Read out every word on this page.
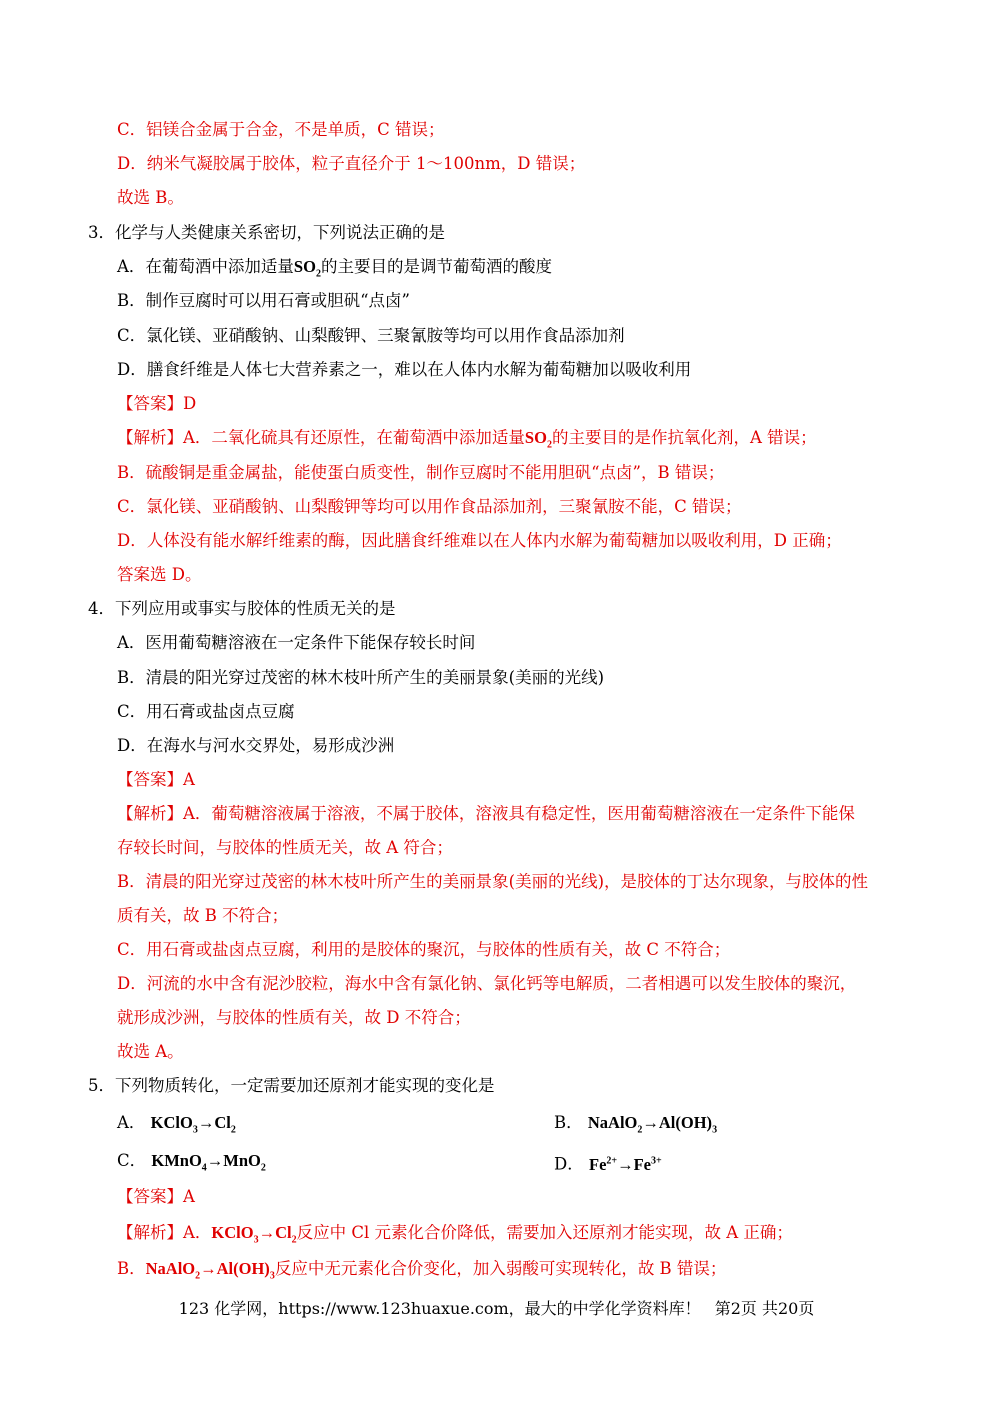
C．铝镁合金属于合金，不是单质，C 错误；
D．纳米气凝胶属于胶体，粒子直径介于 1～100nm，D 错误；
故选 B。
3．化学与人类健康关系密切，下列说法正确的是
A．在葡萄酒中添加适量$SO_2$的主要目的是调节葡萄酒的酸度
B．制作豆腐时可以用石膏或胆矾“点卤”
C．氯化镁、亚硝酸钠、山梨酸钾、三聚氰胺等均可以用作食品添加剂
D．膳食纤维是人体七大营养素之一，难以在人体内水解为葡萄糖加以吸收利用
【答案】D
【解析】A．二氧化硫具有还原性，在葡萄酒中添加适量$SO_2$的主要目的是作抗氧化剂，A 错误；
B．硫酸铜是重金属盐，能使蛋白质变性，制作豆腐时不能用胆矾“点卤”，B 错误；
C．氯化镁、亚硝酸钠、山梨酸钾等均可以用作食品添加剂，三聚氰胺不能，C 错误；
D．人体没有能水解纤维素的酶，因此膳食纤维难以在人体内水解为葡萄糖加以吸收利用，D 正确；
答案选 D。
4．下列应用或事实与胶体的性质无关的是
A．医用葡萄糖溶液在一定条件下能保存较长时间
B．清晨的阳光穿过茂密的林木枝叶所产生的美丽景象(美丽的光线)
C．用石膏或盐卤点豆腐
D．在海水与河水交界处，易形成沙洲
【答案】A
【解析】A．葡萄糖溶液属于溶液，不属于胶体，溶液具有稳定性，医用葡萄糖溶液在一定条件下能保
存较长时间，与胶体的性质无关，故 A 符合；
B．清晨的阳光穿过茂密的林木枝叶所产生的美丽景象(美丽的光线)，是胶体的丁达尔现象，与胶体的性
质有关，故 B 不符合；
C．用石膏或盐卤点豆腐，利用的是胶体的聚沉，与胶体的性质有关，故 C 不符合；
D．河流的水中含有泥沙胶粒，海水中含有氯化钠、氯化钙等电解质，二者相遇可以发生胶体的聚沉，
就形成沙洲，与胶体的性质有关，故 D 不符合；
故选 A。
5．下列物质转化，一定需要加还原剂才能实现的变化是
A． $KClO_3\to Cl_2$	B． $NaAlO_2\to Al(OH)_3$
C． KMnO$_4$→MnO$_2$	D． $Fe^{2+}\to Fe^{3+}$
【答案】A
【解析】A．$KClO_3\to Cl_2$反应中 Cl 元素化合价降低，需要加入还原剂才能实现，故 A 正确；
B．$NaAlO_2\to Al(OH)_3$反应中无元素化合价变化，加入弱酸可实现转化，故 B 错误；
123 化学网，https://www.123huaxue.com，最大的中学化学资料库！ 第2页 共20页
